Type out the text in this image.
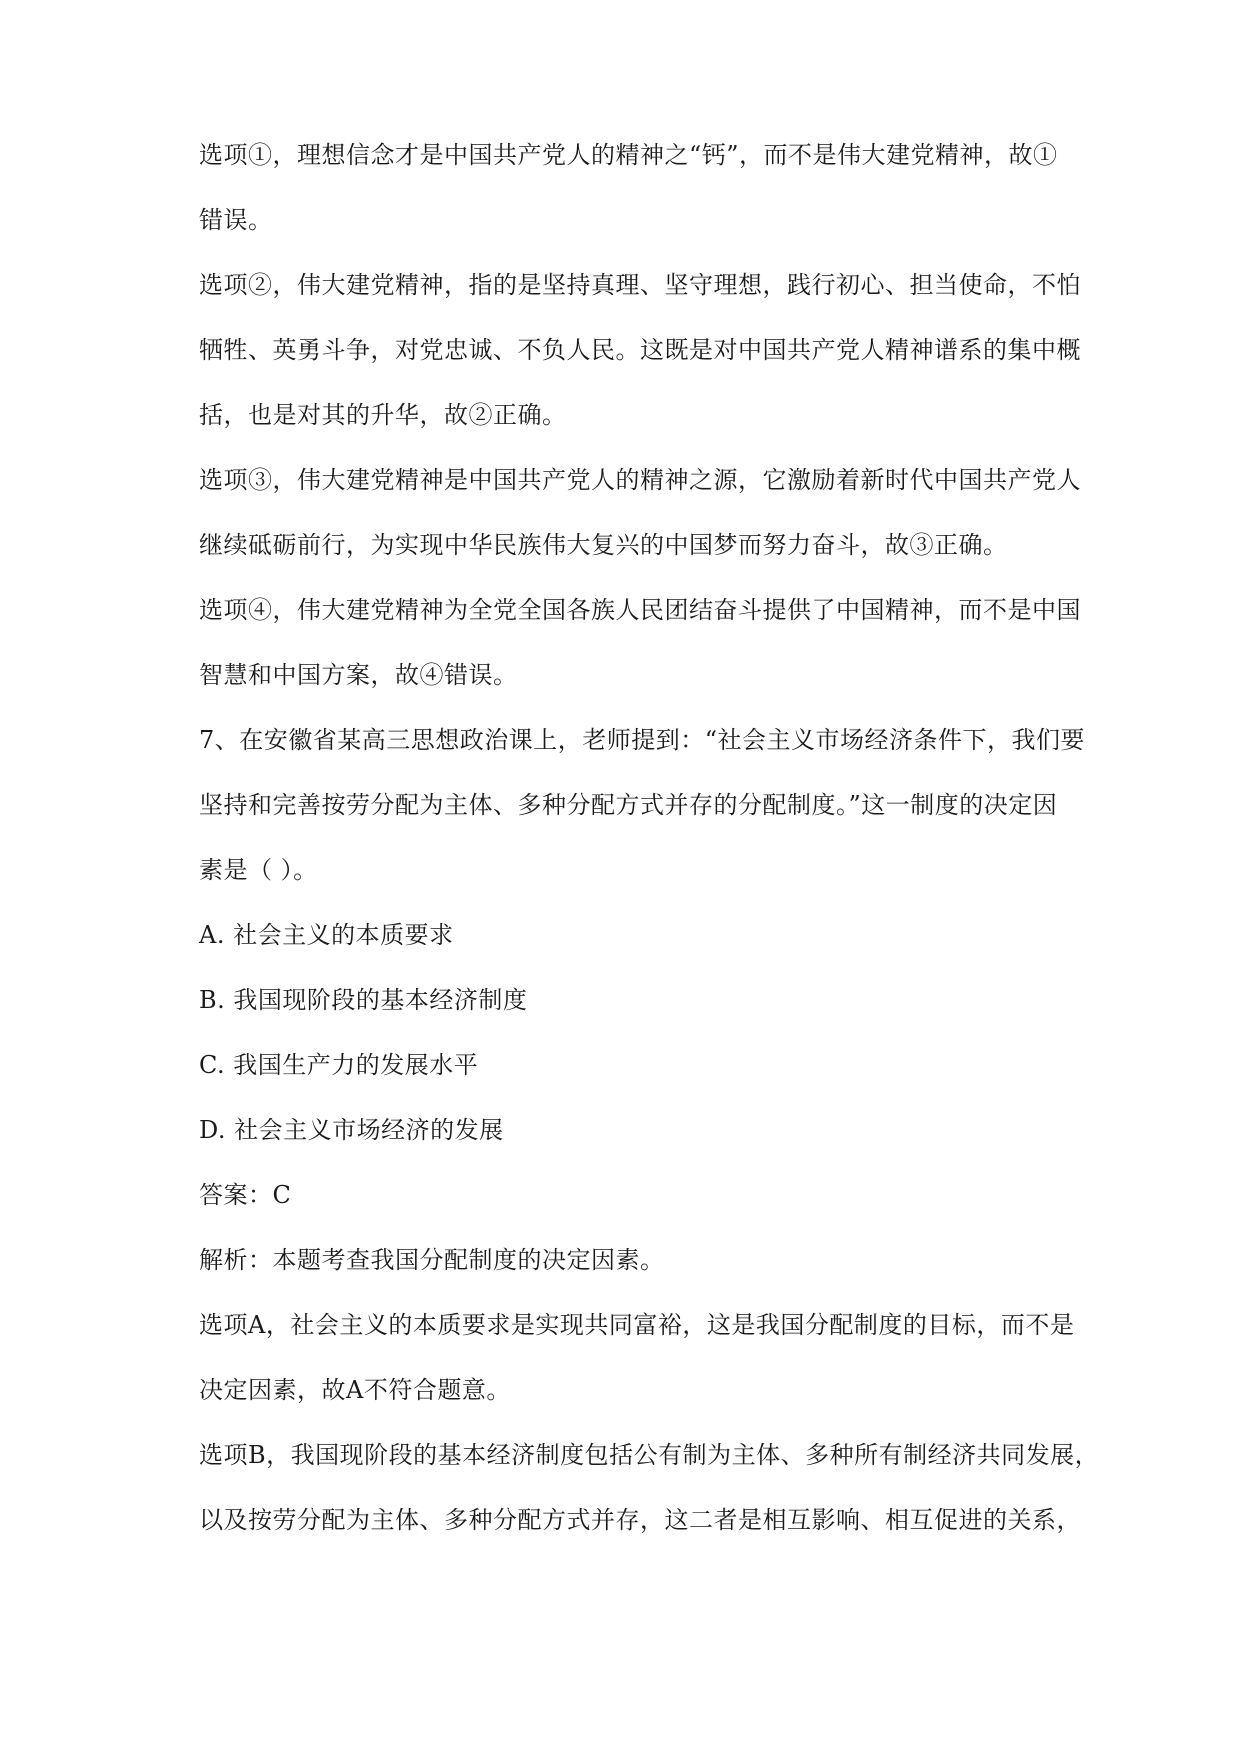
选项①，理想信念才是中国共产党人的精神之“钙”，而不是伟大建党精神，故①
错误。
选项②，伟大建党精神，指的是坚持真理、坚守理想，践行初心、担当使命，不怕
牺牲、英勇斗争，对党忠诚、不负人民。这既是对中国共产党人精神谱系的集中概
括，也是对其的升华，故②正确。
选项③，伟大建党精神是中国共产党人的精神之源，它激励着新时代中国共产党人
继续砥砺前行，为实现中华民族伟大复兴的中国梦而努力奋斗，故③正确。
选项④，伟大建党精神为全党全国各族人民团结奋斗提供了中国精神，而不是中国
智慧和中国方案，故④错误。
7、在安徽省某高三思想政治课上，老师提到：“社会主义市场经济条件下，我们要
坚持和完善按劳分配为主体、多种分配方式并存的分配制度。”这一制度的决定因
素是（ ）。
A. 社会主义的本质要求
B. 我国现阶段的基本经济制度
C. 我国生产力的发展水平
D. 社会主义市场经济的发展
答案：C
解析：本题考查我国分配制度的决定因素。
选项A，社会主义的本质要求是实现共同富裕，这是我国分配制度的目标，而不是
决定因素，故A不符合题意。
选项B，我国现阶段的基本经济制度包括公有制为主体、多种所有制经济共同发展，
以及按劳分配为主体、多种分配方式并存，这二者是相互影响、相互促进的关系，
